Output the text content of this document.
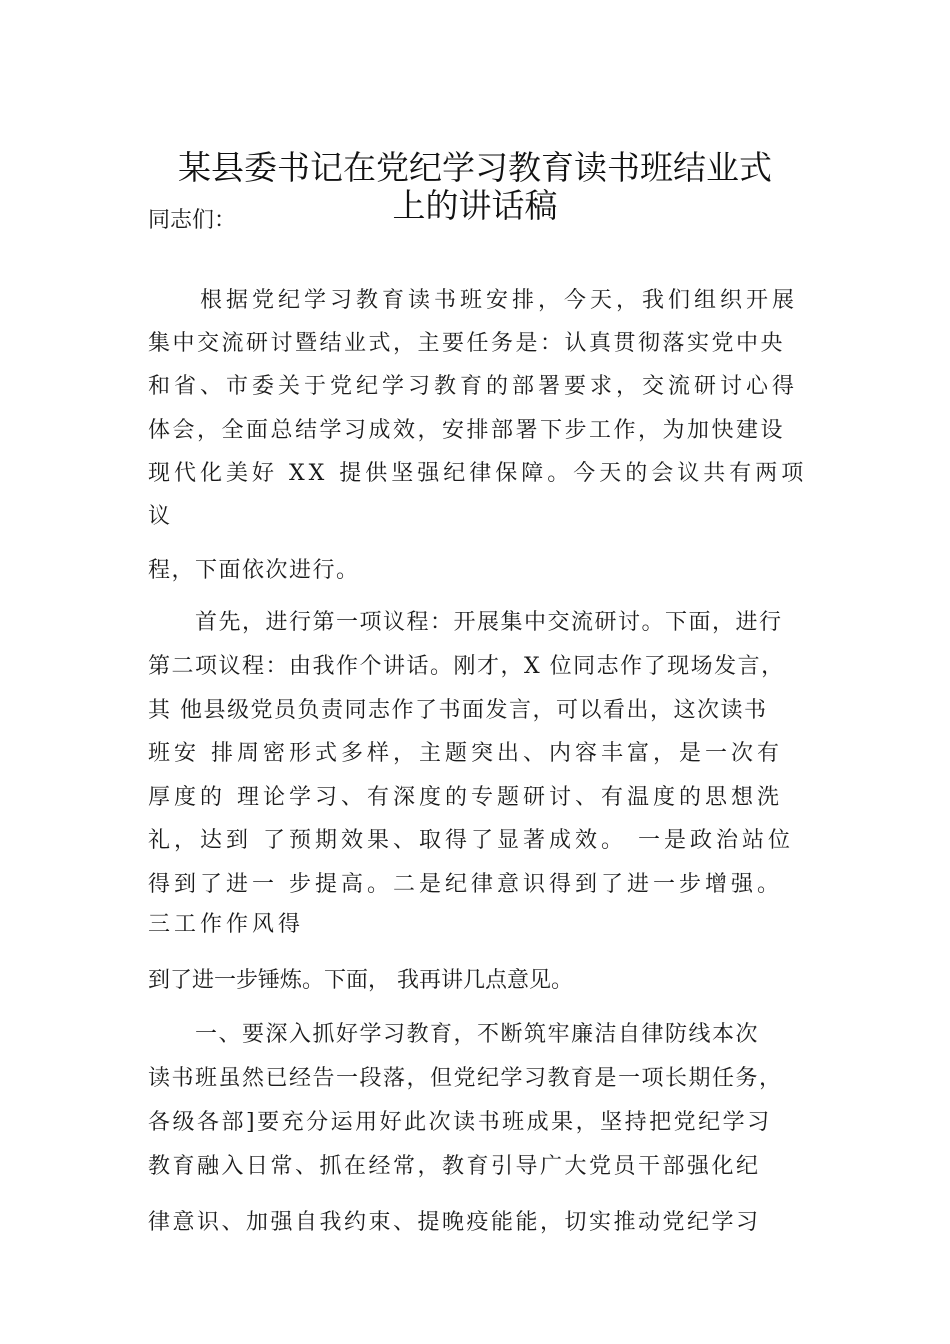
某县委书记在党纪学习教育读书班结业式
上的讲话稿
同志们：
　　根据党纪学习教育读书班安排，今天，我们组织开展
集中交流研讨暨结业式，主要任务是：认真贯彻落实党中央
和省、市委关于党纪学习教育的部署要求，交流研讨心得
体会，全面总结学习成效，安排部署下步工作，为加快建设
现代化美好 XX 提供坚强纪律保障。今天的会议共有两项
议
程，下面依次进行。
　　首先，进行第一项议程：开展集中交流研讨。下面，进行
第二项议程：由我作个讲话。刚才，X 位同志作了现场发言，
其 他县级党员负责同志作了书面发言，可以看出，这次读书
班安 排周密形式多样，主题突出、内容丰富，是一次有
厚度的 理论学习、有深度的专题研讨、有温度的思想洗
礼，达到 了预期效果、取得了显著成效。 一是政治站位
得到了进一 步提高。二是纪律意识得到了进一步增强。
三工作作风得
到了进一步锤炼。下面， 我再讲几点意见。
　　一、要深入抓好学习教育，不断筑牢廉洁自律防线本次
读书班虽然已经告一段落，但党纪学习教育是一项长期任务，
各级各部]要充分运用好此次读书班成果，坚持把党纪学习
教育融入日常、抓在经常，教育引导广大党员干部强化纪
律意识、加强自我约束、提晚疫能能，切实推动党纪学习
